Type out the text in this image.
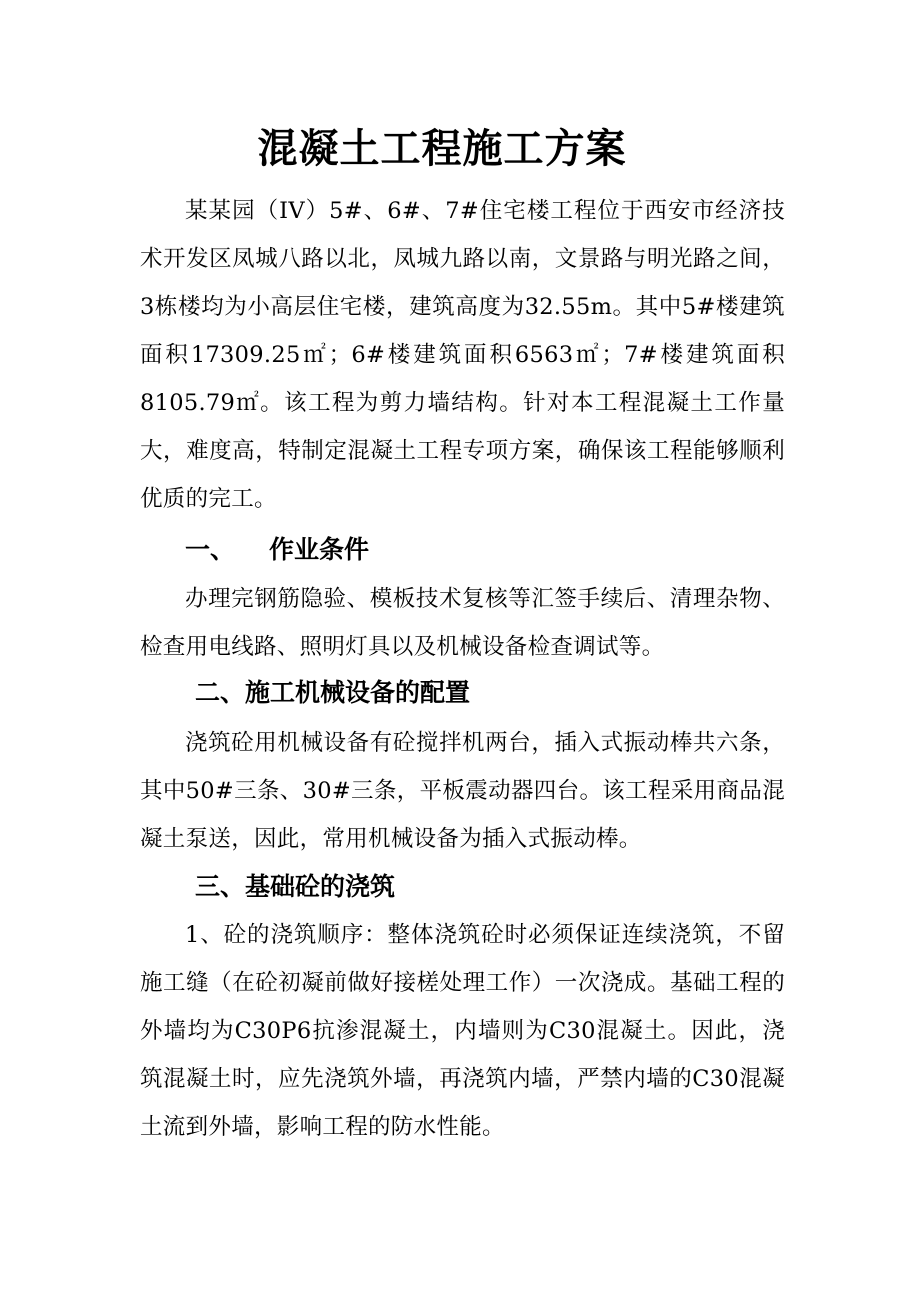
混凝土工程施工方案

某某园（IV）5#、6#、7#住宅楼工程位于西安市经济技术开发区凤城八路以北，凤城九路以南，文景路与明光路之间，3栋楼均为小高层住宅楼，建筑高度为32.55m。其中5#楼建筑面积17309.25㎡；6#楼建筑面积6563㎡；7#楼建筑面积8105.79㎡。该工程为剪力墙结构。针对本工程混凝土工作量大，难度高，特制定混凝土工程专项方案，确保该工程能够顺利优质的完工。

一、 作业条件

办理完钢筋隐验、模板技术复核等汇签手续后、清理杂物、检查用电线路、照明灯具以及机械设备检查调试等。

二、施工机械设备的配置

浇筑砼用机械设备有砼搅拌机两台，插入式振动棒共六条，其中50#三条、30#三条，平板震动器四台。该工程采用商品混凝土泵送，因此，常用机械设备为插入式振动棒。

三、基础砼的浇筑

1、砼的浇筑顺序：整体浇筑砼时必须保证连续浇筑，不留施工缝（在砼初凝前做好接槎处理工作）一次浇成。基础工程的外墙均为C30P6抗渗混凝土，内墙则为C30混凝土。因此，浇筑混凝土时，应先浇筑外墙，再浇筑内墙，严禁内墙的C30混凝土流到外墙，影响工程的防水性能。
